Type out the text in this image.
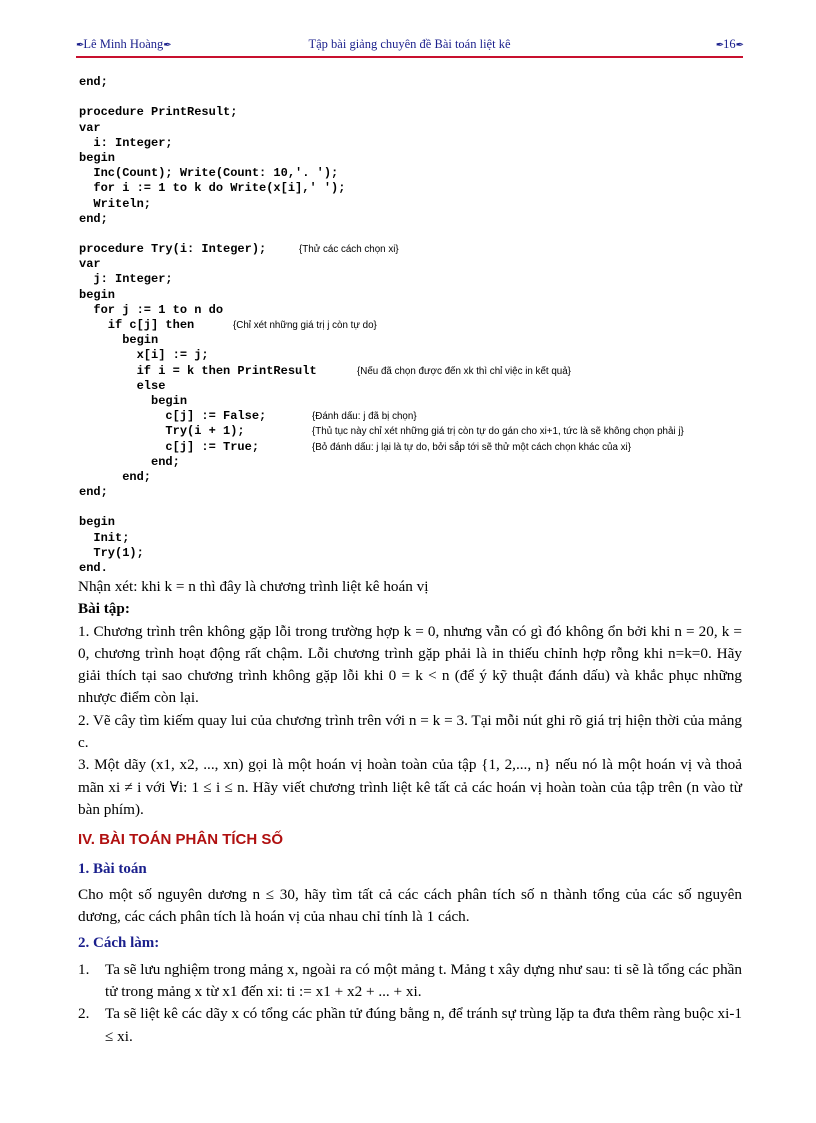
✒Lê Minh Hoàng✒	Tập bài giảng chuyên đề Bài toán liệt kê	✒16✒
end;
procedure PrintResult;
var
i: Integer;
begin
Inc(Count); Write(Count: 10,'. ');
for i := 1 to k do Write(x[i],' ');
Writeln;
end;
procedure Try(i: Integer);	{Thử các cách chọn xi}
var
j: Integer;
begin
for j := 1 to n do
if c[j] then	{Chỉ xét những giá trị j còn tự do}
begin
x[i] := j;
if i = k then PrintResult	{Nếu đã chọn được đến xk thì chỉ việc in kết quả}
else
begin
c[j] := False;	{Đánh dấu: j đã bị chọn}
Try(i + 1);	{Thủ tục này chỉ xét những giá trị còn tự do gán cho xi+1, tức là sẽ không chọn phải j}
c[j] := True;	{Bỏ đánh dấu: j lại là tự do, bởi sắp tới sẽ thử một cách chọn khác của xi}
end;
end;
end;
begin
Init;
Try(1);
end.
Nhận xét: khi k = n thì đây là chương trình liệt kê hoán vị
Bài tập:
1. Chương trình trên không gặp lỗi trong trường hợp k = 0, nhưng vẫn có gì đó không ổn bởi khi n = 20, k = 0, chương trình hoạt động rất chậm. Lỗi chương trình gặp phải là in thiếu chỉnh hợp rỗng khi n=k=0. Hãy giải thích tại sao chương trình không gặp lỗi khi 0 = k < n (để ý kỹ thuật đánh dấu) và khắc phục những nhược điểm còn lại.
2. Vẽ cây tìm kiếm quay lui của chương trình trên với n = k = 3. Tại mỗi nút ghi rõ giá trị hiện thời của mảng c.
3. Một dãy (x1, x2, ..., xn) gọi là một hoán vị hoàn toàn của tập {1, 2,..., n} nếu nó là một hoán vị và thoả mãn xi ≠ i với ∀i: 1 ≤ i ≤ n. Hãy viết chương trình liệt kê tất cả các hoán vị hoàn toàn của tập trên (n vào từ bàn phím).
IV. BÀI TOÁN PHÂN TÍCH SỐ
1. Bài toán
Cho một số nguyên dương n ≤ 30, hãy tìm tất cả các cách phân tích số n thành tổng của các số nguyên dương, các cách phân tích là hoán vị của nhau chỉ tính là 1 cách.
2. Cách làm:
1. Ta sẽ lưu nghiệm trong mảng x, ngoài ra có một mảng t. Mảng t xây dựng như sau: ti sẽ là tổng các phần tử trong mảng x từ x1 đến xi: ti := x1 + x2 + ... + xi.
2. Ta sẽ liệt kê các dãy x có tổng các phần tử đúng bằng n, để tránh sự trùng lặp ta đưa thêm ràng buộc xi-1 ≤ xi.
